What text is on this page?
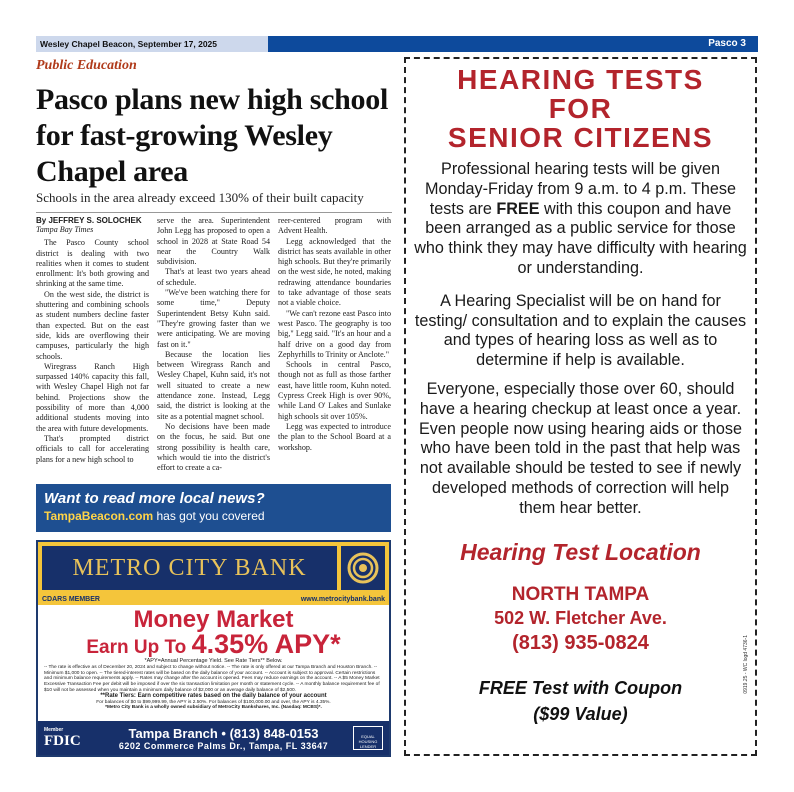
Wesley Chapel Beacon, September 17, 2025	Pasco 3
Public Education
Pasco plans new high school for fast-growing Wesley Chapel area
Schools in the area already exceed 130% of their built capacity
By JEFFREY S. SOLOCHEK
Tampa Bay Times

The Pasco County school district is dealing with two realities when it comes to student enrollment: It's both growing and shrinking at the same time.

On the west side, the district is shuttering and combining schools as student numbers decline faster than expected. But on the east side, kids are overflowing their campuses, particularly the high schools.

Wiregrass Ranch High surpassed 140% capacity this fall, with Wesley Chapel High not far behind. Projections show the possibility of more than 4,000 additional students moving into the area with future developments.

That's prompted district officials to call for accelerating plans for a new high school to

serve the area. Superintendent John Legg has proposed to open a school in 2028 at State Road 54 near the Country Walk subdivision.

That's at least two years ahead of schedule.

"We've been watching there for some time," Deputy Superintendent Betsy Kuhn said. "They're growing faster than we were anticipating. We are moving fast on it."

Because the location lies between Wiregrass Ranch and Wesley Chapel, Kuhn said, it's not well situated to create a new attendance zone. Instead, Legg said, the district is looking at the site as a potential magnet school.

No decisions have been made on the focus, he said. But one strong possibility is health care, which would tie into the district's effort to create a ca-

reer-centered program with Advent Health.

Legg acknowledged that the district has seats available in other high schools. But they're primarily on the west side, he noted, making redrawing attendance boundaries to take advantage of those seats not a viable choice.

"We can't rezone east Pasco into west Pasco. The geography is too big," Legg said. "It's an hour and a half drive on a good day from Zephyrhills to Trinity or Anclote."

Schools in central Pasco, though not as full as those farther east, have little room, Kuhn noted. Cypress Creek High is over 90%, while Land O' Lakes and Sunlake high schools sit over 105%.

Legg was expected to introduce the plan to the School Board at a workshop.

Want to read more local news?
TampaBeacon.com has got you covered
METRO CITY BANK
CDARS MEMBER	www.metrocitybank.bank
Money Market
Earn Up To 4.35% APY*
*APY=Annual Percentage Yield. See Rate Tiers** Below.
-- The rate is effective as of December 20, 2024 and subject to change without notice. -- The rate is only offered at our Tampa Branch and Houston Branch. -- Minimum $1,000 to open. -- The tiered-interest rates will be based on the daily balance of your account. -- Account is subject to approval. Certain restrictions and minimum balance requirements apply. -- Rates may change after the account is opened. Fees may reduce earnings on the account. -- A $5 Money Market Excessive Transaction Fee per debit will be imposed if over the six transaction limitation per month or statement cycle. -- A monthly balance requirement fee of $10 will not be assessed when you maintain a minimum daily balance of $2,000 or an average daily balance of $2,500.
**Rate Tiers: Earn competitive rates based on the daily balance of your account
For balances of $0 to $99,999.99, the APY is 2.50%. For balances of $100,000.00 and over, the APY is 4.35%.
*Metro City Bank is a wholly owned subsidiary of MetroCity Bankshares, Inc. (Nasdaq: MCBS)*.
Member
FDIC	Tampa Branch • (813) 848-0153
6202 Commerce Palms Dr., Tampa, FL 33647
EQUAL HOUSING LENDER
HEARING TESTS
FOR
SENIOR CITIZENS
Professional hearing tests will be given Monday-Friday from 9 a.m. to 4 p.m. These tests are FREE with this coupon and have been arranged as a public service for those who think they may have difficulty with hearing or understanding.
A Hearing Specialist will be on hand for testing/ consultation and to explain the causes and types of hearing loss as well as to determine if help is available.
Everyone, especially those over 60, should have a hearing checkup at least once a year. Even people now using hearing aids or those who have been told in the past that help was not available should be tested to see if newly developed methods of correction will help them hear better.
Hearing Test Location
NORTH TAMPA
502 W. Fletcher Ave.
(813) 935-0824
FREE Test with Coupon
($99 Value)
0919.25 - WC logd 4736-1
